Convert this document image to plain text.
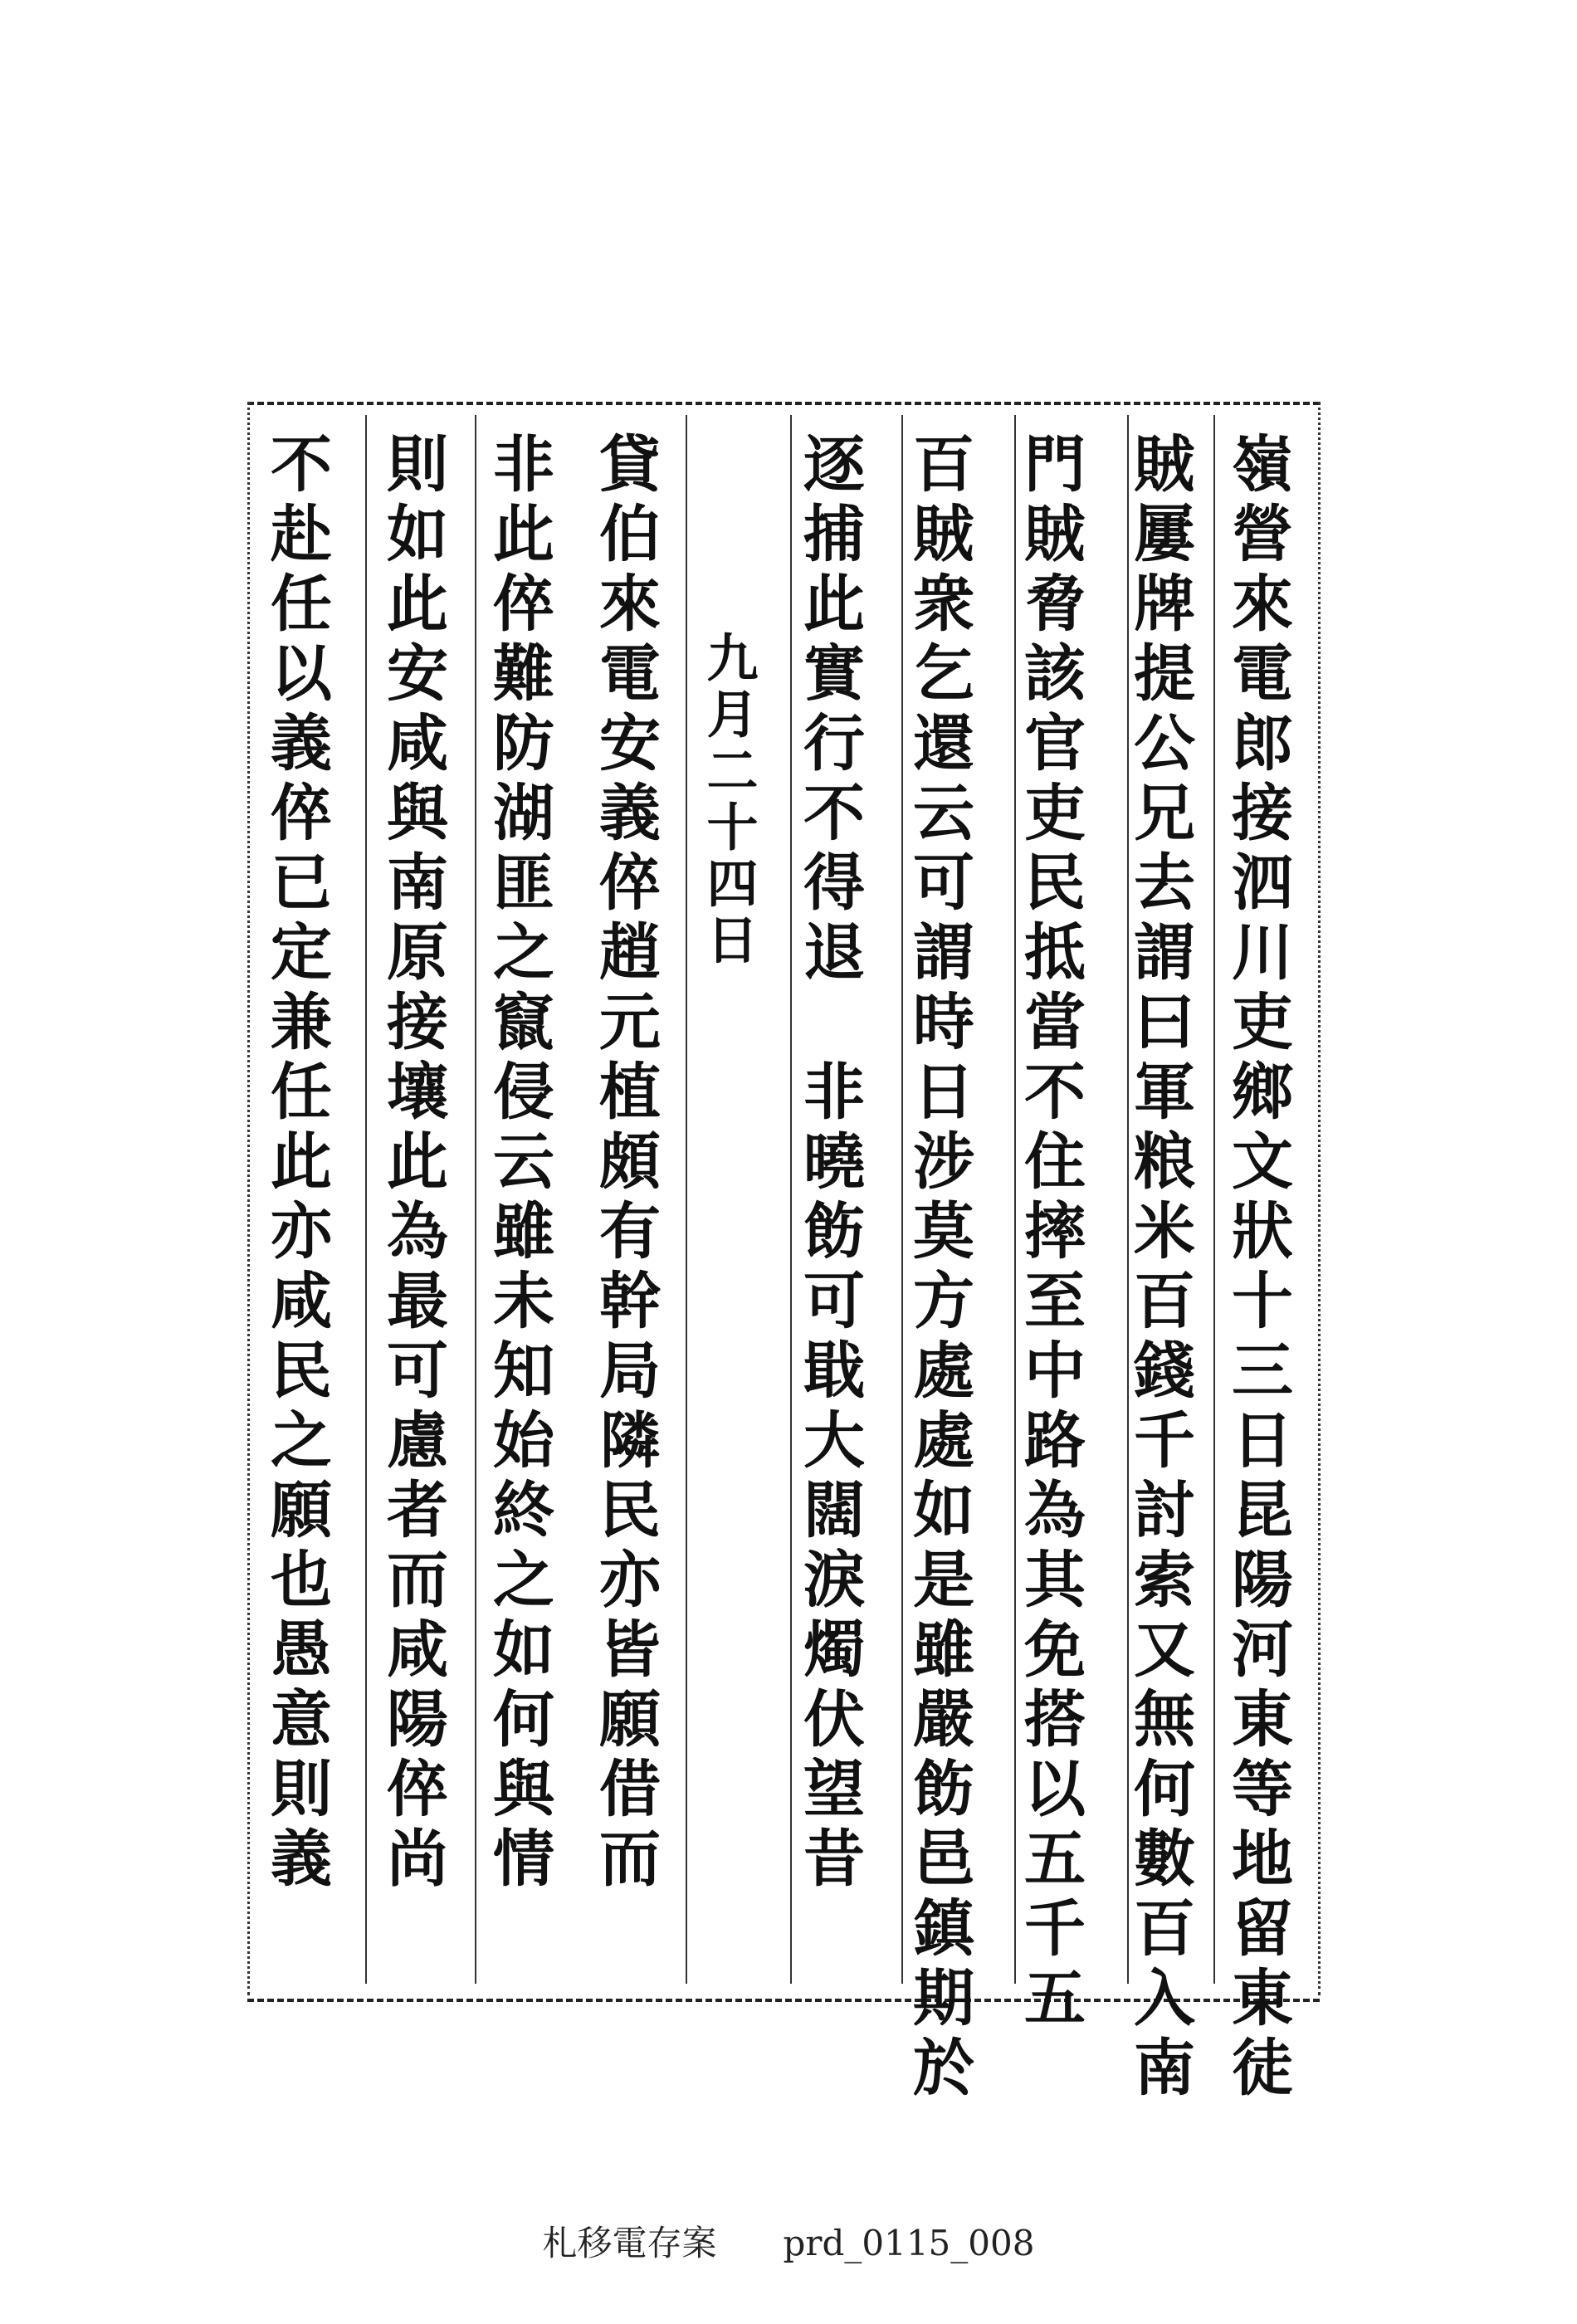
嶺營來電郎接泗川吏鄉文狀十三日昆陽河東等地留東徒
賊屢牌提公兄去謂曰軍粮米百錢千討索又無何數百入南
門賊脅該官吏民抵當不住摔至中路為其免搭以五千五
百賊衆乞還云可謂時日涉莫方處處如是雖嚴飭邑鎮期於
逐捕此實行不得退　非曉飭可戢大闊淚燭伏望昔
九月二十四日
貸伯來電安義倅趙元植頗有幹局隣民亦皆願借而
非此倅難防湖匪之竄侵云雖未知始終之如何與情
則如此安咸與南原接壤此為最可慮者而咸陽倅尚
不赴任以義倅已定兼任此亦咸民之願也愚意則義
札移電存案 prd_0115_008
